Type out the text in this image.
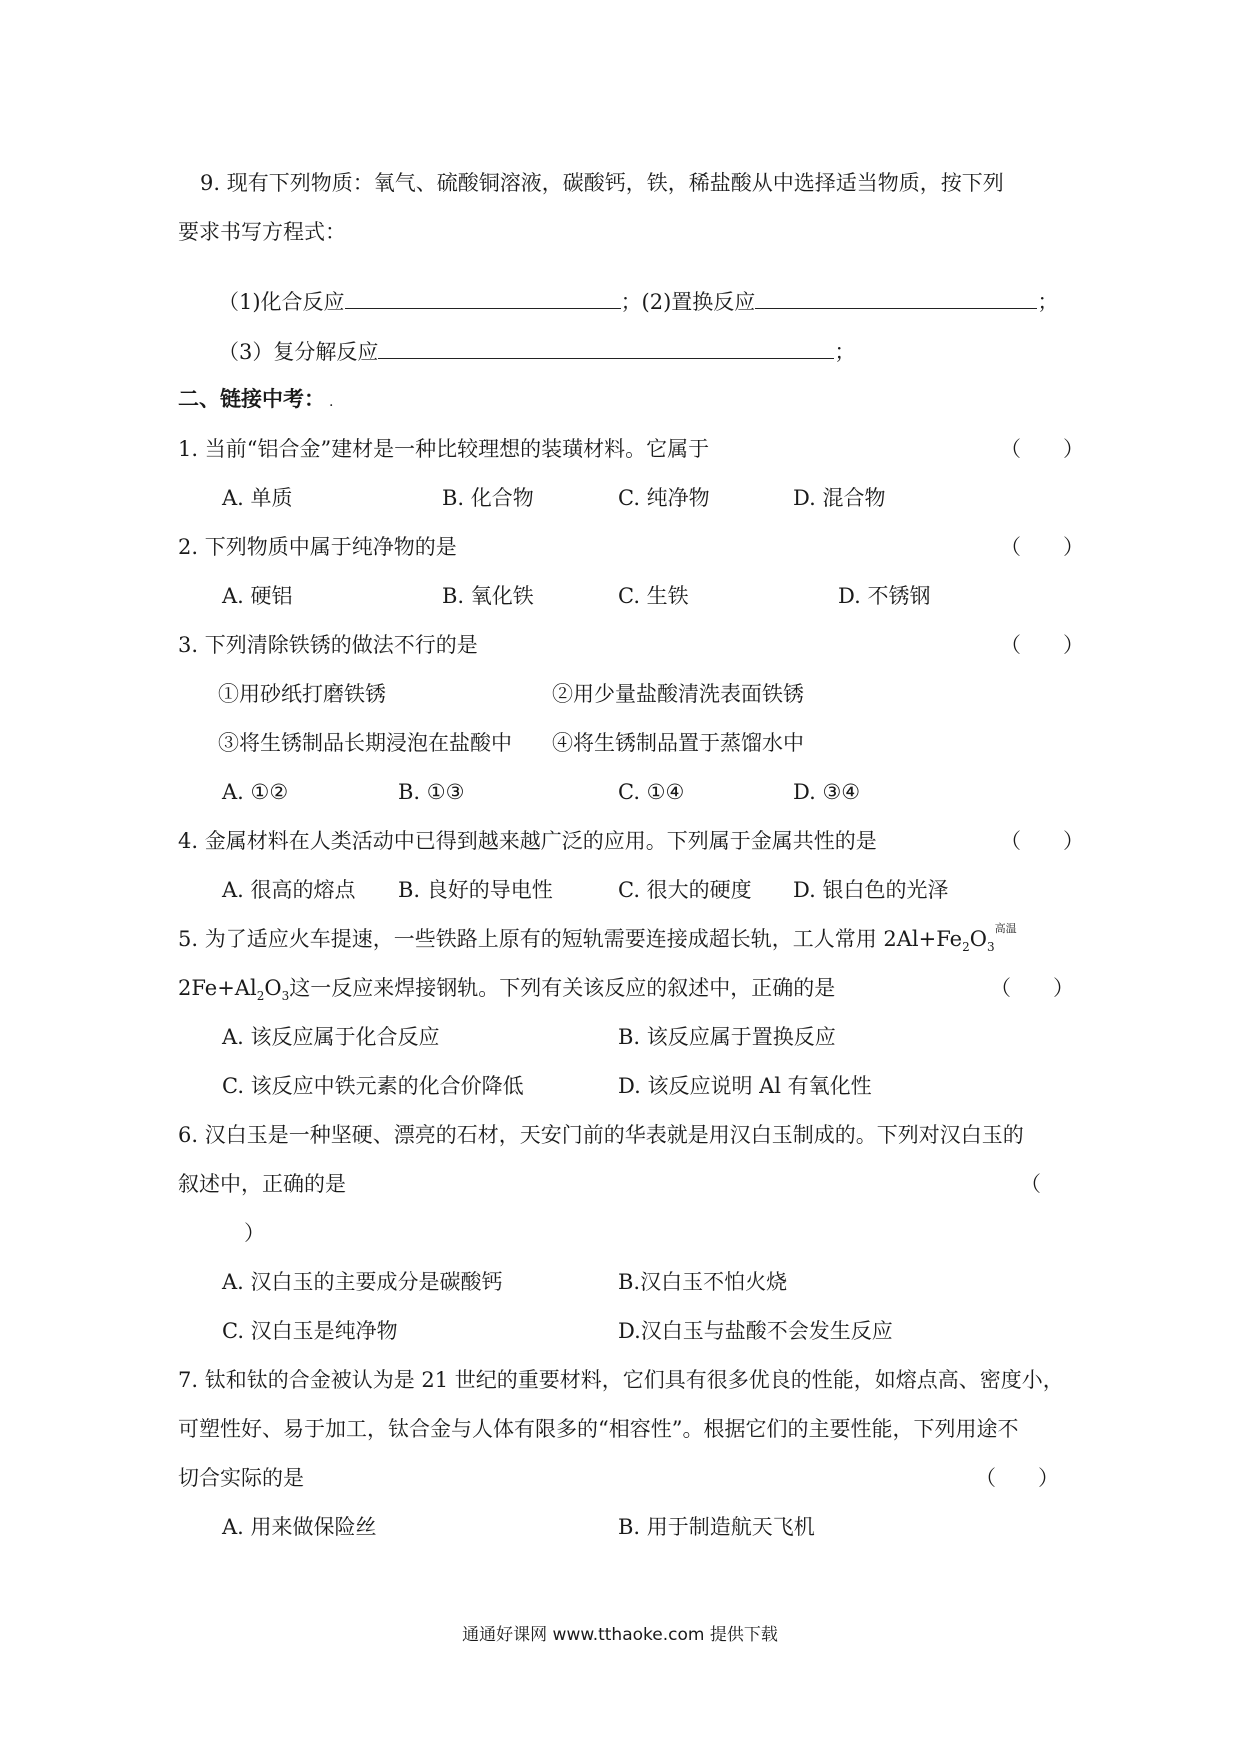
9. 现有下列物质：氧气、硫酸铜溶液，碳酸钙，铁，稀盐酸从中选择适当物质，按下列
要求书写方程式：
（1)化合反应	；(2)置换反应	；
（3）复分解反应	；
二、链接中考： .
1. 当前“铝合金”建材是一种比较理想的装璜材料。它属于	（　　）
A. 单质	B. 化合物	C. 纯净物	D. 混合物
2. 下列物质中属于纯净物的是	（　　）
A. 硬铝	B. 氧化铁	C. 生铁	D. 不锈钢
3. 下列清除铁锈的做法不行的是	（　　）
①用砂纸打磨铁锈	②用少量盐酸清洗表面铁锈
③将生锈制品长期浸泡在盐酸中 ④将生锈制品置于蒸馏水中
A. ①②	B. ①③	C. ①④	D. ③④
4. 金属材料在人类活动中已得到越来越广泛的应用。下列属于金属共性的是	（　　）
A. 很高的熔点 B. 良好的导电性	C. 很大的硬度 D. 银白色的光泽
5. 为了适应火车提速，一些铁路上原有的短轨需要连接成超长轨，工人常用 $2Al+Fe_2O_3^{高温}$
$2Fe+Al_2O_3$这一反应来焊接钢轨。下列有关该反应的叙述中，正确的是	（　　）
A. 该反应属于化合反应	B. 该反应属于置换反应
C. 该反应中铁元素的化合价降低	D. 该反应说明 Al 有氧化性
6. 汉白玉是一种坚硬、漂亮的石材，天安门前的华表就是用汉白玉制成的。下列对汉白玉的
叙述中，正确的是	（
）
A. 汉白玉的主要成分是碳酸钙	B.汉白玉不怕火烧
C. 汉白玉是纯净物	D.汉白玉与盐酸不会发生反应
7. 钛和钛的合金被认为是 21 世纪的重要材料，它们具有很多优良的性能，如熔点高、密度小，
可塑性好、易于加工，钛合金与人体有限多的“相容性”。根据它们的主要性能，下列用途不
切合实际的是	（　　）
A. 用来做保险丝	B. 用于制造航天飞机
通通好课网 www.tthaoke.com 提供下载
